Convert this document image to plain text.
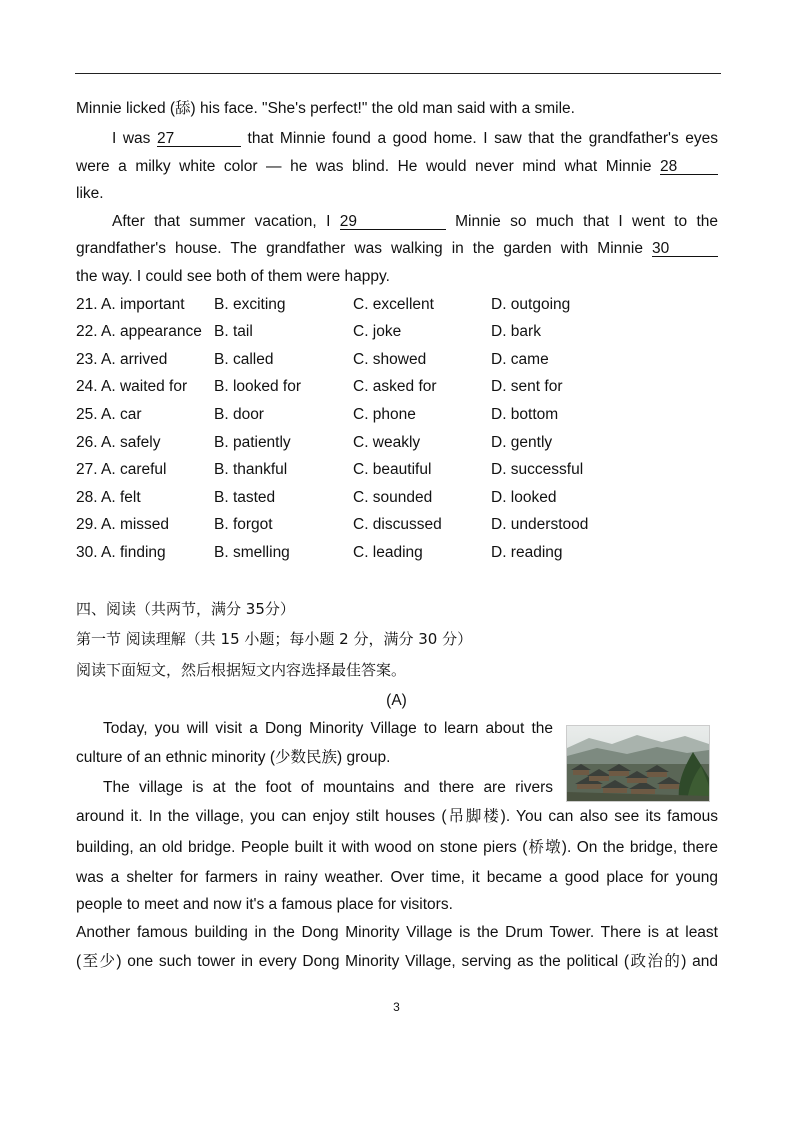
Minnie licked (舔) his face. "She's perfect!" the old man said with a smile.
I was 27	that Minnie found a good home. I saw that the grandfather's eyes
were a milky white color — he was blind. He would never mind what Minnie 28
like.
After that summer vacation, I 29	Minnie so much that I went to the
grandfather's house. The grandfather was walking in the garden with Minnie 30
the way. I could see both of them were happy.
21. A. important B. exciting	C. excellent	D. outgoing
22. A. appearance B. tail	C. joke	D. bark
23. A. arrived	B. called	C. showed	D. came
24. A. waited for B. looked for	C. asked for	D. sent for
25. A. car	B. door	C. phone	D. bottom
26. A. safely	B. patiently	C. weakly	D. gently
27. A. careful	B. thankful	C. beautiful	D. successful
28. A. felt	B. tasted	C. sounded	D. looked
29. A. missed	B. forgot	C. discussed	D. understood
30. A. finding	B. smelling	C. leading	D. reading
四、阅读（共两节，满分 35分）
第一节 阅读理解（共 15 小题；每小题 2 分，满分 30 分）
阅读下面短文，然后根据短文内容选择最佳答案。
(A)
Today, you will visit a Dong Minority Village to learn about the
culture of an ethnic minority (少数民族) group.
The village is at the foot of mountains and there are rivers
around it. In the village, you can enjoy stilt houses (吊脚楼). You can also see its famous
building, an old bridge. People built it with wood on stone piers (桥墩). On the bridge, there
was a shelter for farmers in rainy weather. Over time, it became a good place for young
people to meet and now it's a famous place for visitors.
Another famous building in the Dong Minority Village is the Drum Tower. There is at least
(至少) one such tower in every Dong Minority Village, serving as the political (政治的) and
3
